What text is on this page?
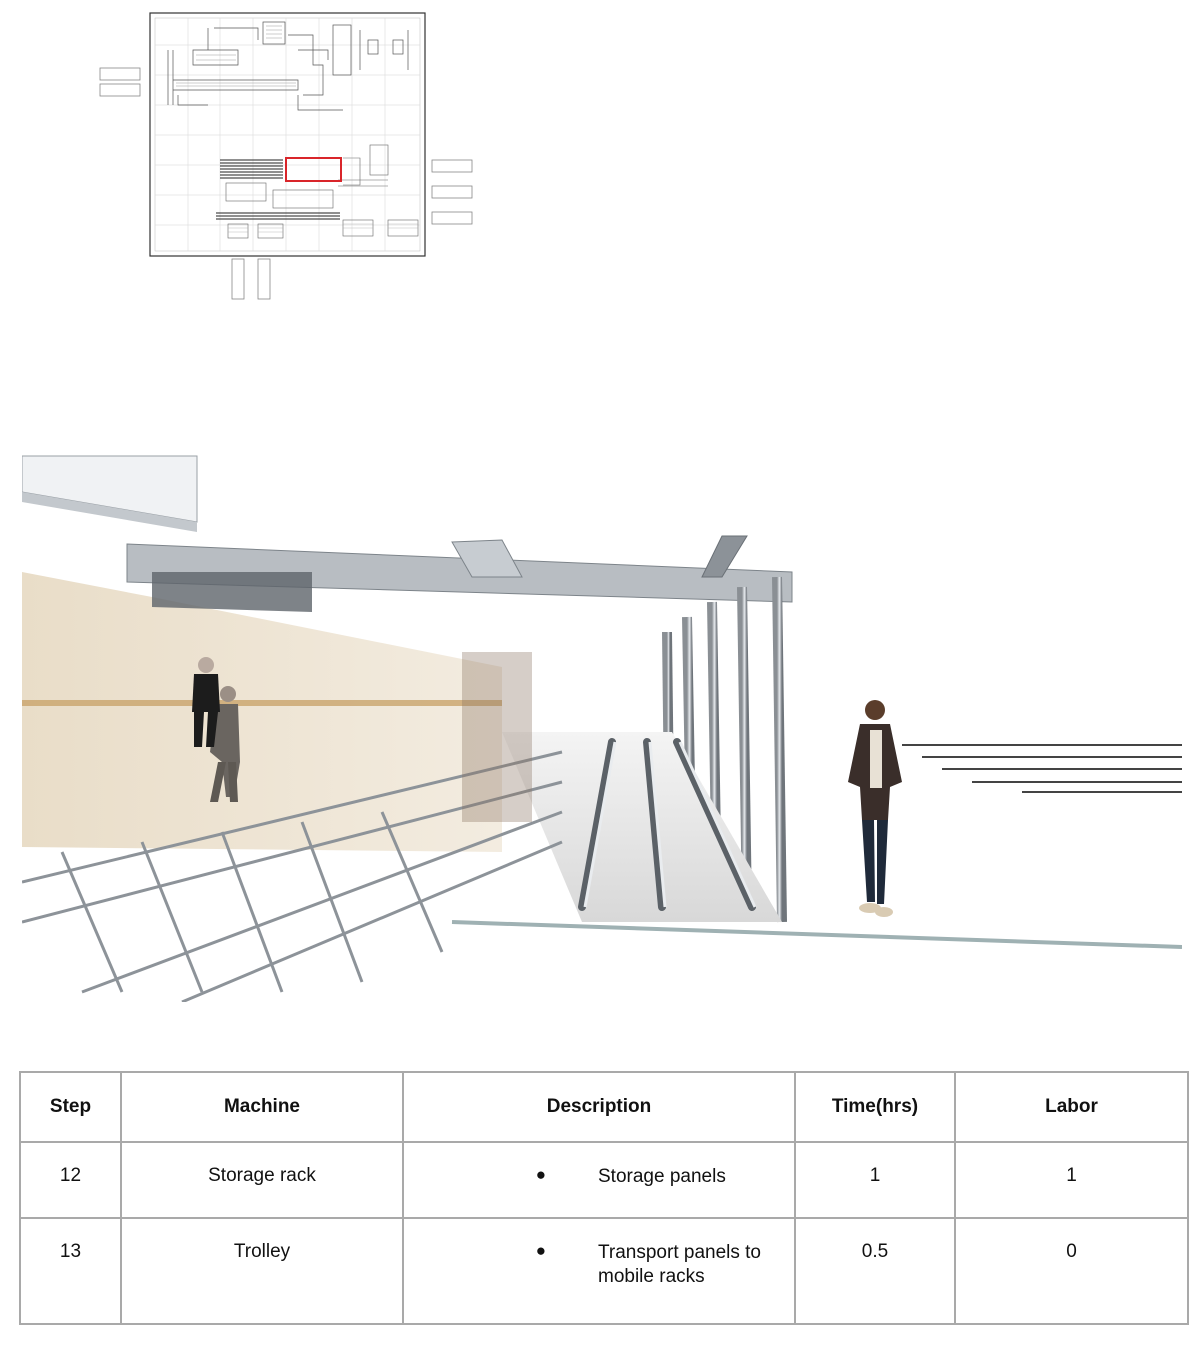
Step	Machine	Description	Time(hrs)	Labor
12	Storage rack	● Storage panels	1	1
13	Trolley	● Transport panels to mobile racks	0.5	0
